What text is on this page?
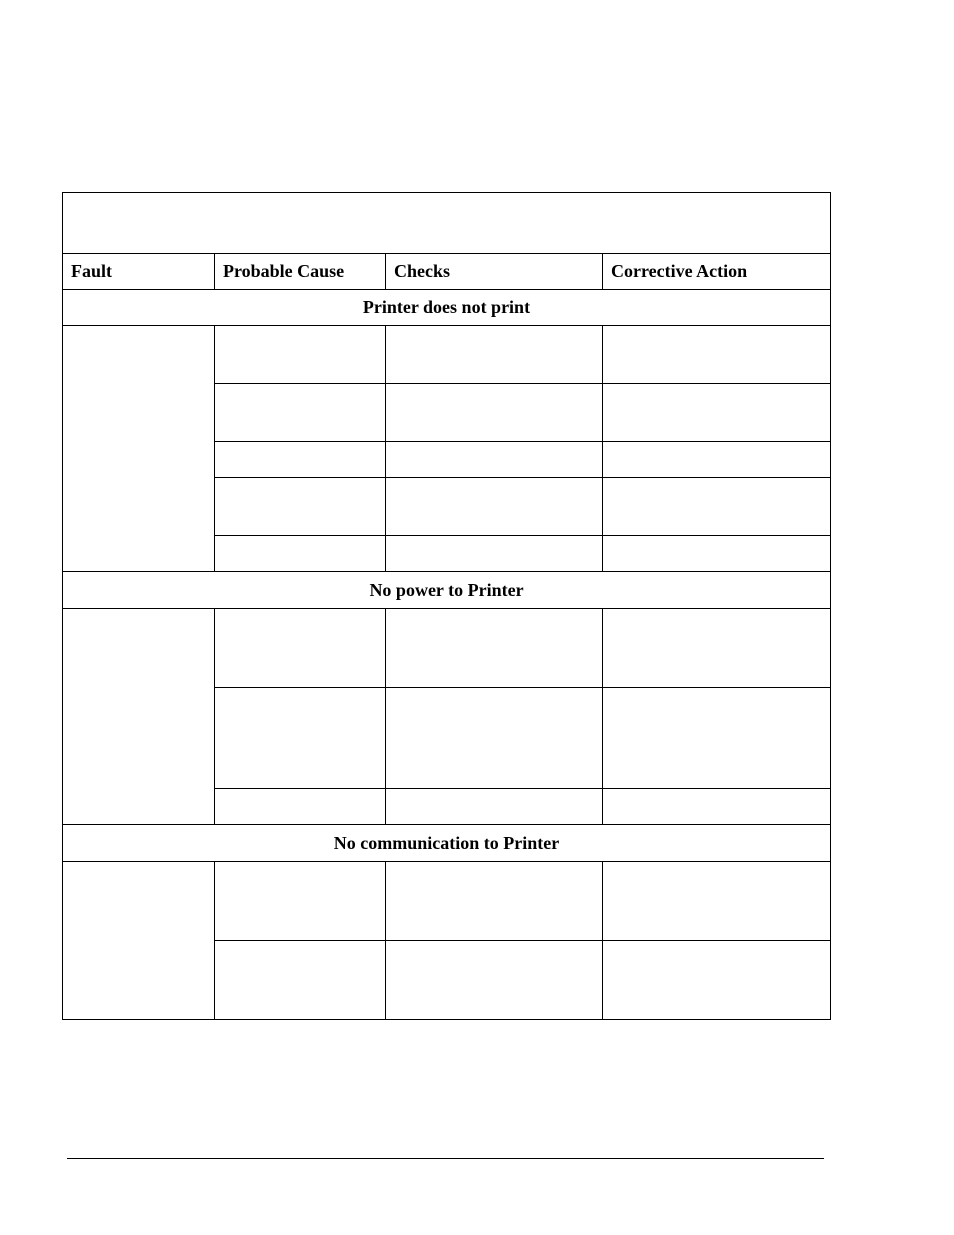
Fault	Probable Cause	Checks	Corrective Action
Printer does not print			

No power to Printer			

No communication to Printer			
